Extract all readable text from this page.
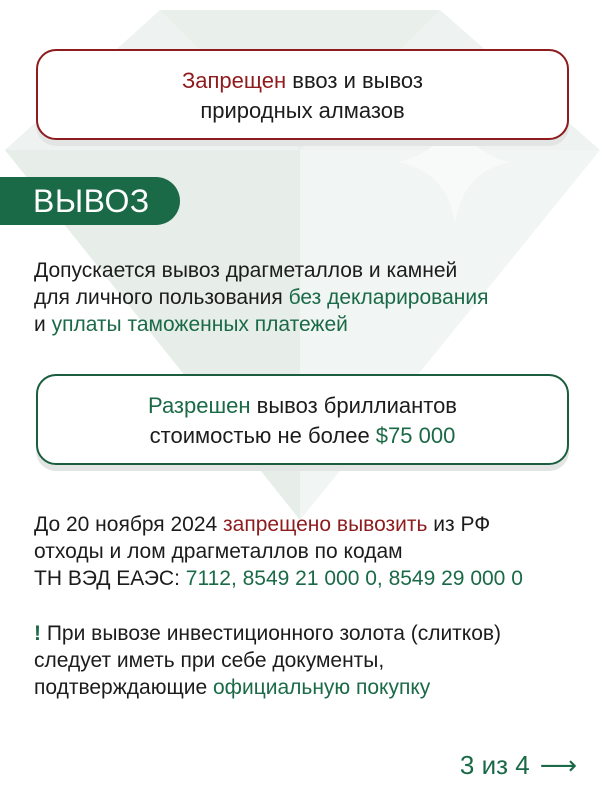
Запрещен ввоз и вывоз
природных алмазов
ВЫВОЗ
Допускается вывоз драгметаллов и камней
для личного пользования без декларирования
и уплаты таможенных платежей
Разрешен вывоз бриллиантов
стоимостью не более $75 000
До 20 ноября 2024 запрещено вывозить из РФ
отходы и лом драгметаллов по кодам
ТН ВЭД ЕАЭС: 7112, 8549 21 000 0, 8549 29 000 0
! При вывозе инвестиционного золота (слитков)
следует иметь при себе документы,
подтверждающие официальную покупку
3 из 4 ⟶
